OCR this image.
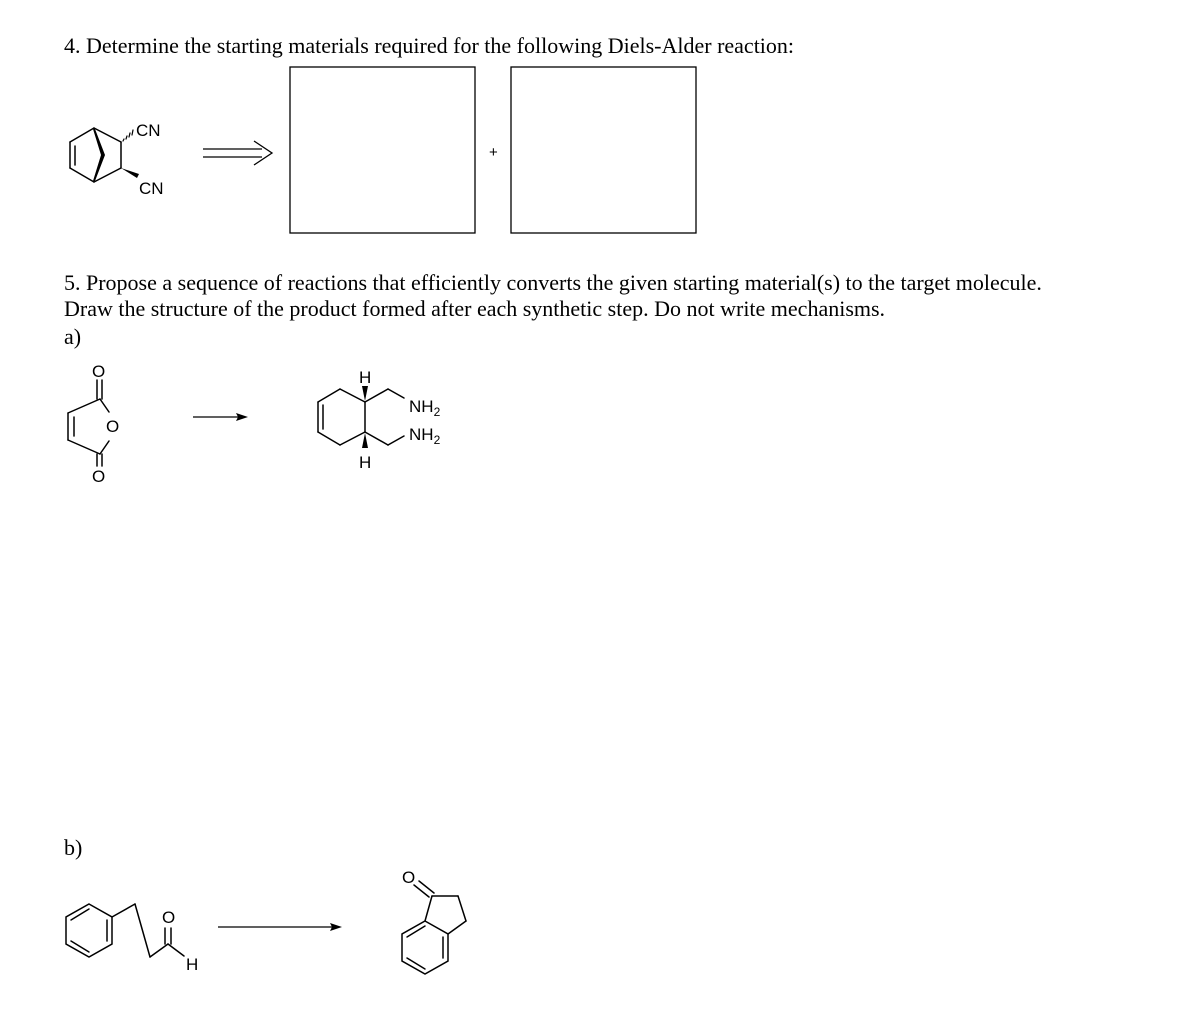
4. Determine the starting materials required for the following Diels-Alder reaction:
5. Propose a sequence of reactions that efficiently converts the given starting material(s) to the target molecule.
Draw the structure of the product formed after each synthetic step. Do not write mechanisms.
a)
b)
CN
CN
+
O
O
O
H
H
$NH_2$
$NH_2$
O
H
O
